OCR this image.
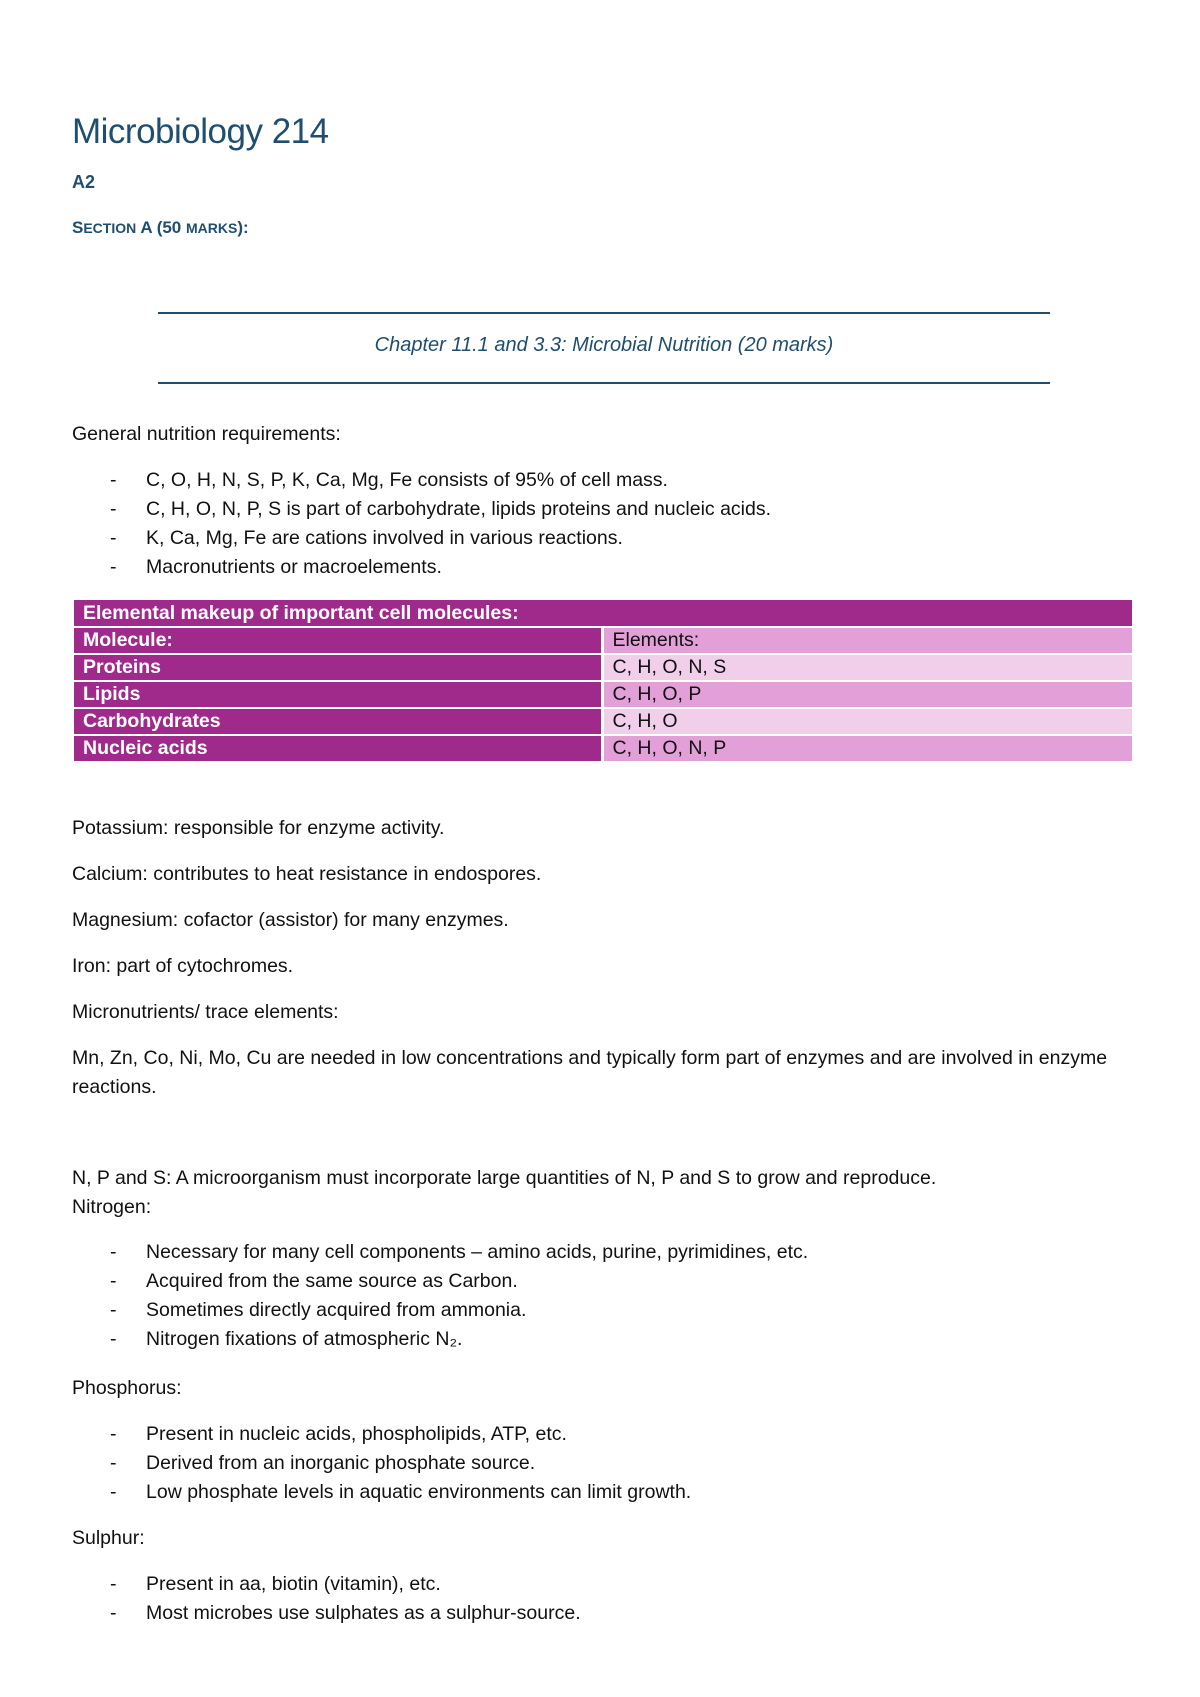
Microbiology 214

A2

SECTION A (50 MARKS):

Chapter 11.1 and 3.3: Microbial Nutrition (20 marks)

General nutrition requirements:

- C, O, H, N, S, P, K, Ca, Mg, Fe consists of 95% of cell mass.
- C, H, O, N, P, S is part of carbohydrate, lipids proteins and nucleic acids.
- K, Ca, Mg, Fe are cations involved in various reactions.
- Macronutrients or macroelements.
Elemental makeup of important cell molecules:	
Molecule:	Elements:
Proteins	C, H, O, N, S
Lipids	C, H, O, P
Carbohydrates	C, H, O
Nucleic acids	C, H, O, N, P

Potassium: responsible for enzyme activity.

Calcium: contributes to heat resistance in endospores.

Magnesium: cofactor (assistor) for many enzymes.

Iron: part of cytochromes.

Micronutrients/ trace elements:

Mn, Zn, Co, Ni, Mo, Cu are needed in low concentrations and typically form part of enzymes and are involved in enzyme reactions.

N, P and S: A microorganism must incorporate large quantities of N, P and S to grow and reproduce.

Nitrogen:

- Necessary for many cell components – amino acids, purine, pyrimidines, etc.
- Acquired from the same source as Carbon.
- Sometimes directly acquired from ammonia.
- Nitrogen fixations of atmospheric N₂.

Phosphorus:

- Present in nucleic acids, phospholipids, ATP, etc.
- Derived from an inorganic phosphate source.
- Low phosphate levels in aquatic environments can limit growth.

Sulphur:

- Present in aa, biotin (vitamin), etc.
- Most microbes use sulphates as a sulphur-source.
